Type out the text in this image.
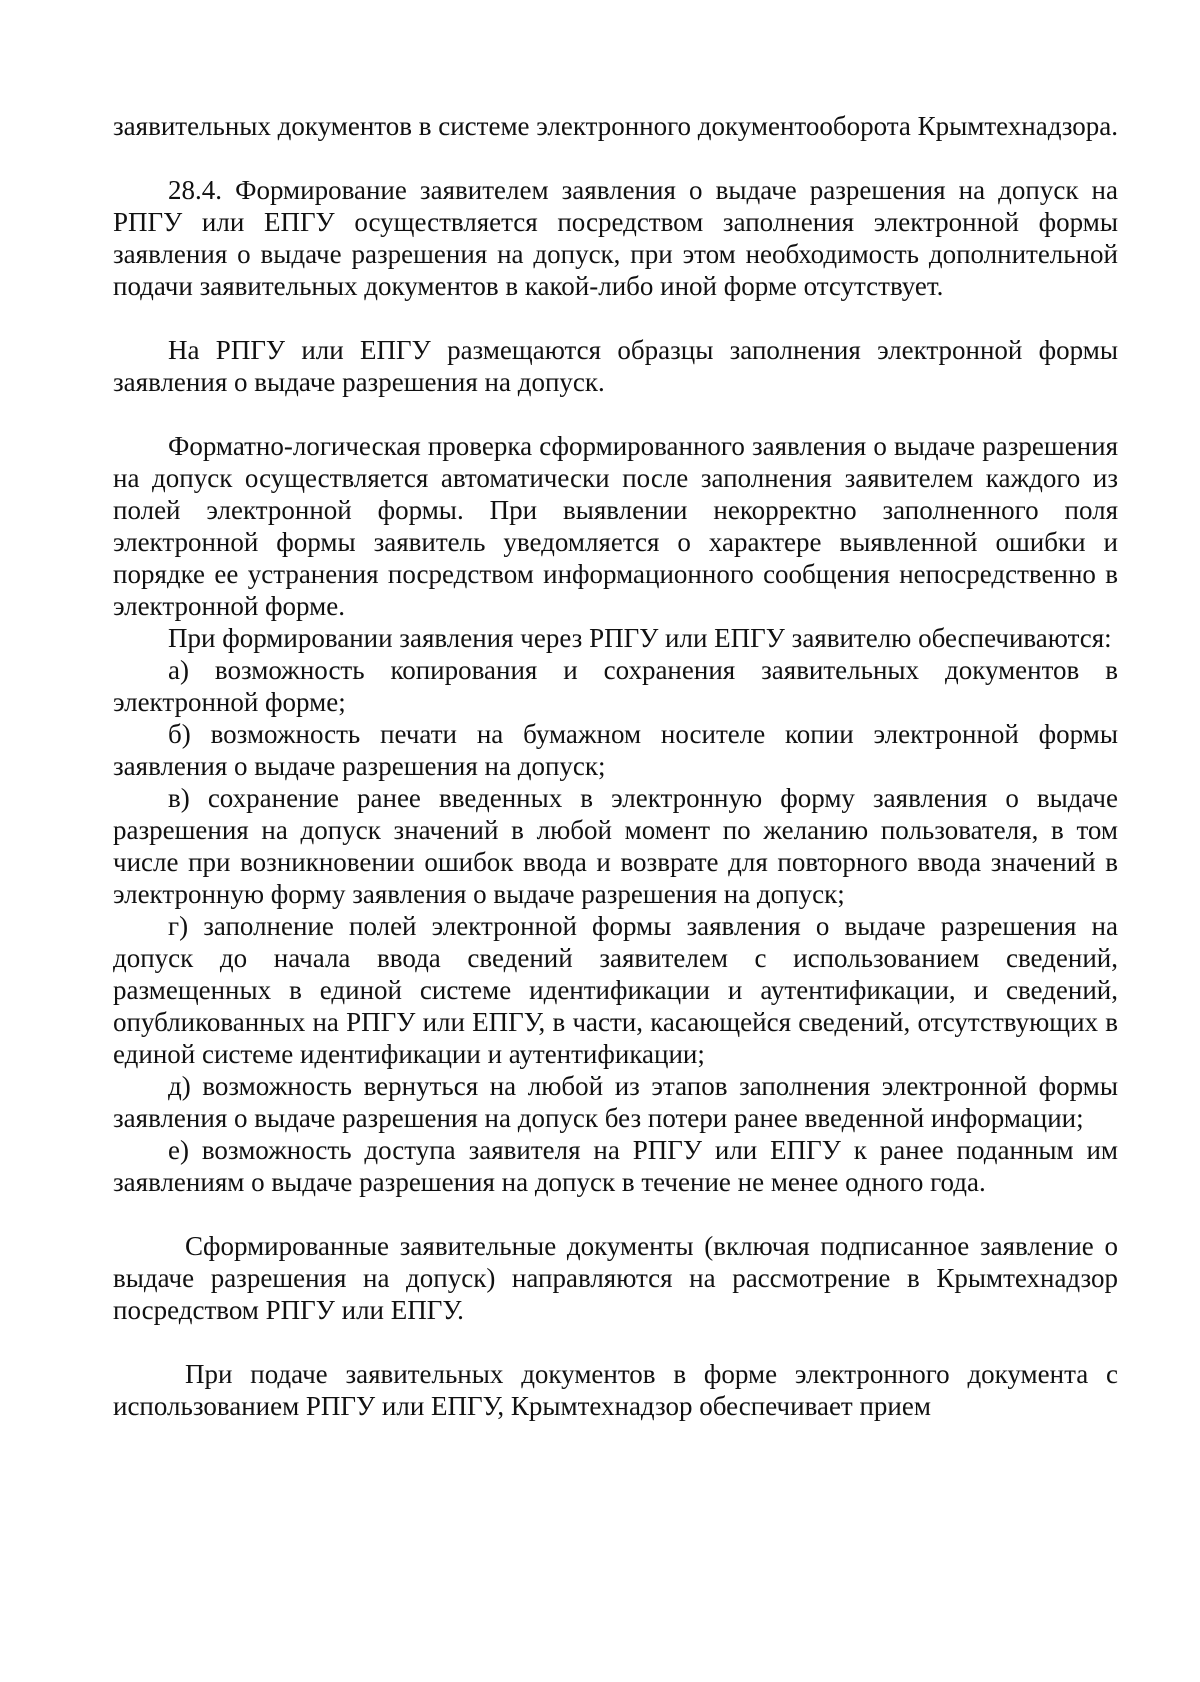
заявительных документов в системе электронного документооборота Крымтехнадзора.

28.4. Формирование заявителем заявления о выдаче разрешения на допуск на РПГУ или ЕПГУ осуществляется посредством заполнения электронной формы заявления о выдаче разрешения на допуск, при этом необходимость дополнительной подачи заявительных документов в какой-либо иной форме отсутствует.

На РПГУ или ЕПГУ размещаются образцы заполнения электронной формы заявления о выдаче разрешения на допуск.

Форматно-логическая проверка сформированного заявления о выдаче разрешения на допуск осуществляется автоматически после заполнения заявителем каждого из полей электронной формы. При выявлении некорректно заполненного поля электронной формы заявитель уведомляется о характере выявленной ошибки и порядке ее устранения посредством информационного сообщения непосредственно в электронной форме.

При формировании заявления через РПГУ или ЕПГУ заявителю обеспечиваются:

а) возможность копирования и сохранения заявительных документов в электронной форме;

б) возможность печати на бумажном носителе копии электронной формы заявления о выдаче разрешения на допуск;

в) сохранение ранее введенных в электронную форму заявления о выдаче разрешения на допуск значений в любой момент по желанию пользователя, в том числе при возникновении ошибок ввода и возврате для повторного ввода значений в электронную форму заявления о выдаче разрешения на допуск;

г) заполнение полей электронной формы заявления о выдаче разрешения на допуск до начала ввода сведений заявителем с использованием сведений, размещенных в единой системе идентификации и аутентификации, и сведений, опубликованных на РПГУ или ЕПГУ, в части, касающейся сведений, отсутствующих в единой системе идентификации и аутентификации;

д) возможность вернуться на любой из этапов заполнения электронной формы заявления о выдаче разрешения на допуск без потери ранее введенной информации;

е) возможность доступа заявителя на РПГУ или ЕПГУ к ранее поданным им заявлениям о выдаче разрешения на допуск в течение не менее одного года.

Сформированные заявительные документы (включая подписанное заявление о выдаче разрешения на допуск) направляются на рассмотрение в Крымтехнадзор посредством РПГУ или ЕПГУ.

При подаче заявительных документов в форме электронного документа с использованием РПГУ или ЕПГУ, Крымтехнадзор обеспечивает прием
